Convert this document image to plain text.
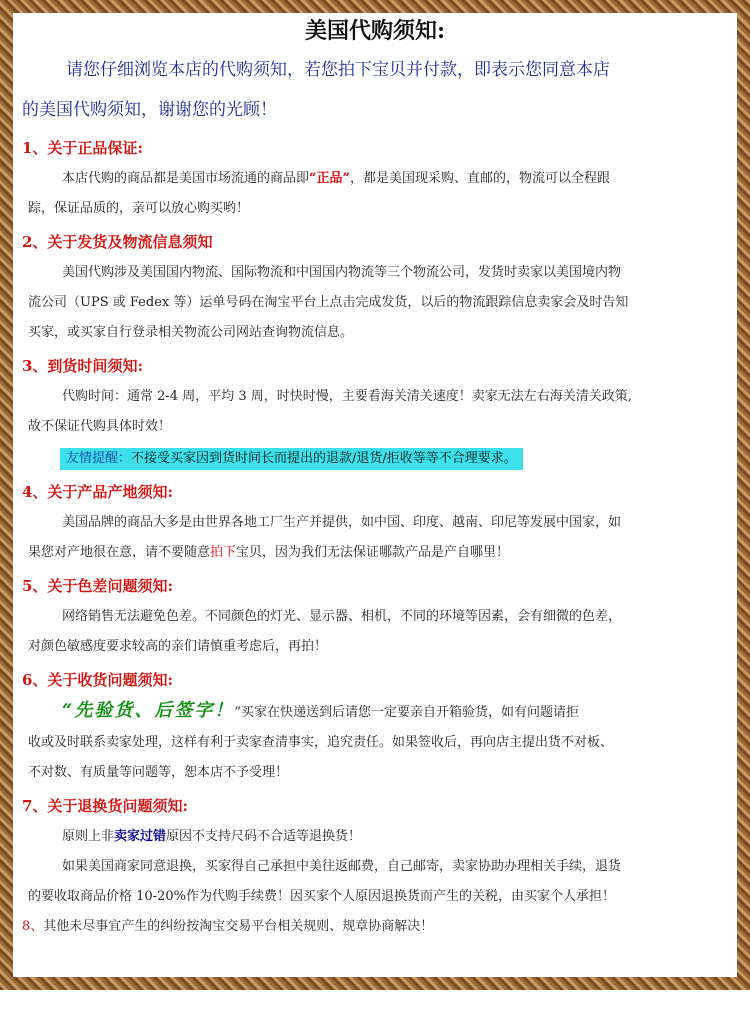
美国代购须知:
请您仔细浏览本店的代购须知，若您拍下宝贝并付款，即表示您同意本店
的美国代购须知，谢谢您的光顾！
1、关于正品保证:
本店代购的商品都是美国市场流通的商品即“正品”，都是美国现采购、直邮的，物流可以全程跟
踪，保证品质的，亲可以放心购买哟！
2、关于发货及物流信息须知
美国代购涉及美国国内物流、国际物流和中国国内物流等三个物流公司，发货时卖家以美国境内物
流公司（UPS 或 Fedex 等）运单号码在淘宝平台上点击完成发货，以后的物流跟踪信息卖家会及时告知
买家，或买家自行登录相关物流公司网站查询物流信息。
3、到货时间须知:
代购时间：通常 2-4 周，平均 3 周，时快时慢，主要看海关清关速度！卖家无法左右海关清关政策,
故不保证代购具体时效！
友情提醒：不接受买家因到货时间长而提出的退款/退货/拒收等等不合理要求。
4、关于产品产地须知:
美国品牌的商品大多是由世界各地工厂生产并提供，如中国、印度、越南、印尼等发展中国家，如
果您对产地很在意，请不要随意拍下宝贝，因为我们无法保证哪款产品是产自哪里！
5、关于色差问题须知:
网络销售无法避免色差。不同颜色的灯光、显示器、相机，不同的环境等因素，会有细微的色差，
对颜色敏感度要求较高的亲们请慎重考虑后，再拍！
6、关于收货问题须知:
“先验货、后签字！”买家在快递送到后请您一定要亲自开箱验货，如有问题请拒
收或及时联系卖家处理，这样有利于卖家查清事实，追究责任。如果签收后，再向店主提出货不对板、
不对数、有质量等问题等，恕本店不予受理！
7、关于退换货问题须知:
原则上非卖家过错原因不支持尺码不合适等退换货！
如果美国商家同意退换，买家得自己承担中美往返邮费，自己邮寄，卖家协助办理相关手续，退货
的要收取商品价格 10-20%作为代购手续费！因买家个人原因退换货而产生的关税，由买家个人承担！
8、其他未尽事宜产生的纠纷按淘宝交易平台相关规则、规章协商解决！
